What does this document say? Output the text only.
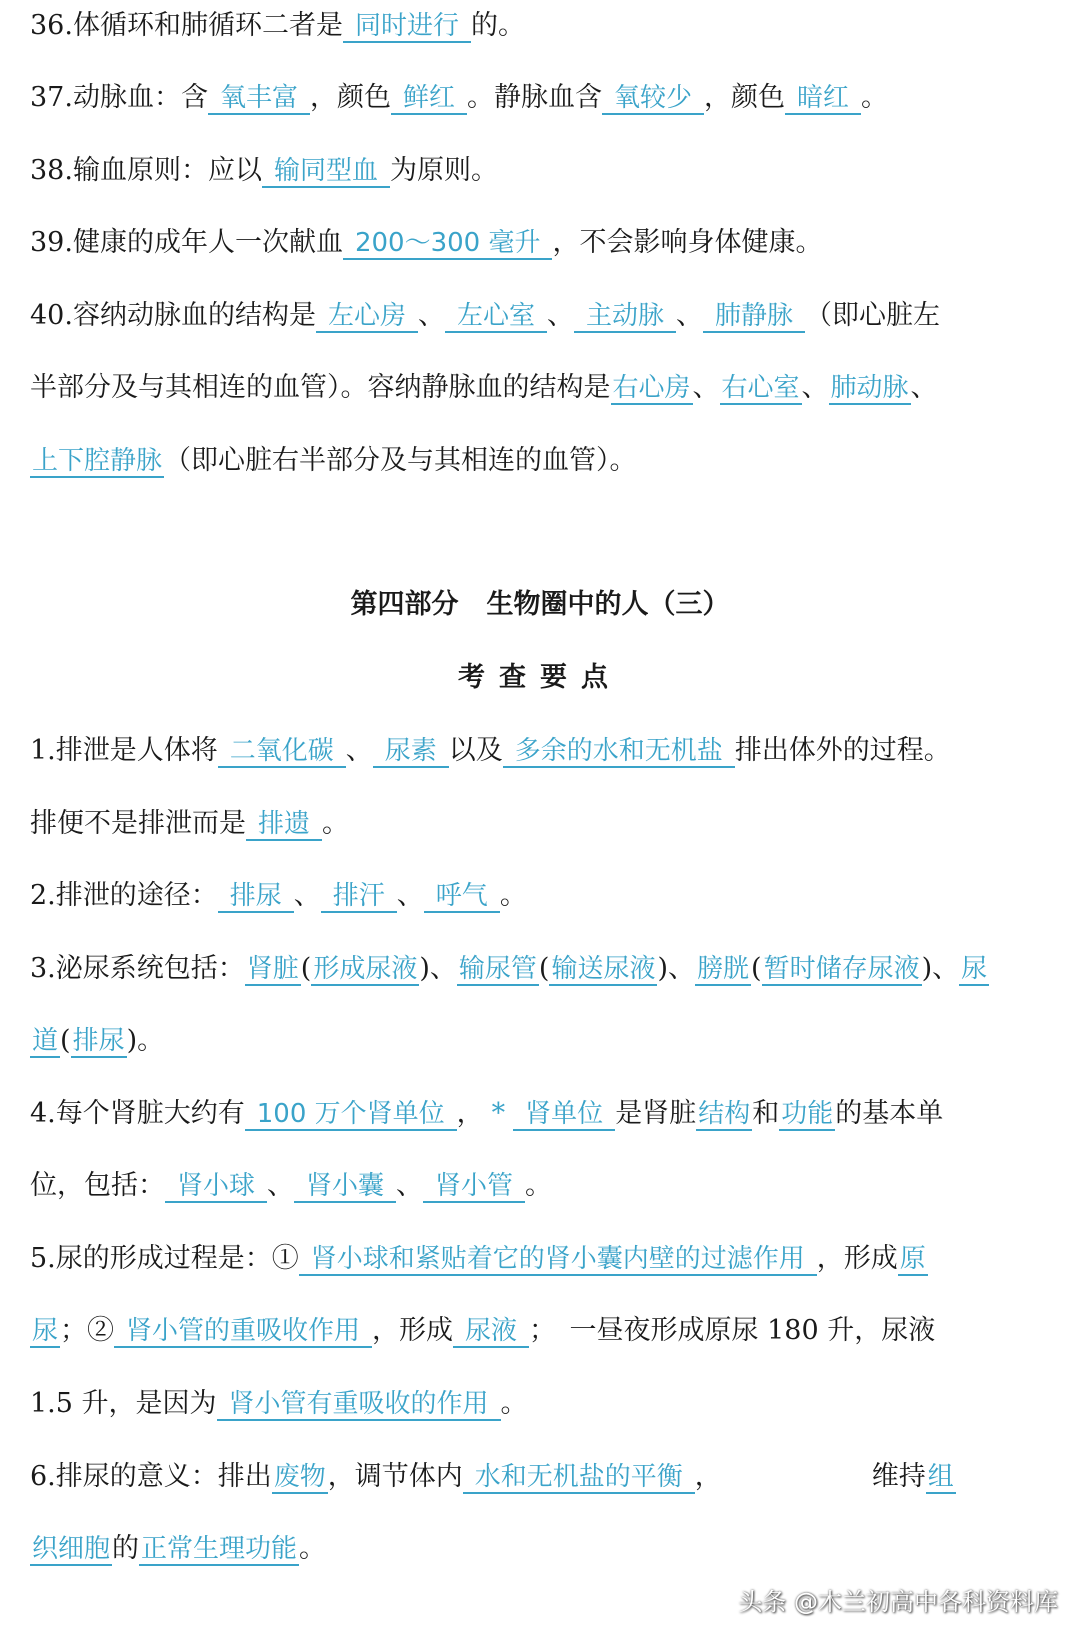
36.体循环和肺循环二者是 同时进行 的。
37.动脉血：含 氧丰富 ，颜色 鲜红 。静脉血含 氧较少 ，颜色 暗红 。
38.输血原则：应以 输同型血 为原则。
39.健康的成年人一次献血 200～300 毫升 ，不会影响身体健康。
40.容纳动脉血的结构是 左心房 、 左心室 、 主动脉 、 肺静脉 （即心脏左
半部分及与其相连的血管）。容纳静脉血的结构是右心房、右心室、肺动脉、
上下腔静脉（即心脏右半部分及与其相连的血管）。
第四部分 生物圈中的人（三）
考查要点
1.排泄是人体将 二氧化碳 、 尿素 以及 多余的水和无机盐 排出体外的过程。
排便不是排泄而是 排遗 。
2.排泄的途径： 排尿 、 排汗 、 呼气 。
3.泌尿系统包括：肾脏(形成尿液)、输尿管(输送尿液)、膀胱(暂时储存尿液)、尿
道(排尿)。
4.每个肾脏大约有 100 万个肾单位 ， * 肾单位 是肾脏结构和功能的基本单
位，包括： 肾小球 、 肾小囊 、 肾小管 。
5.尿的形成过程是：① 肾小球和紧贴着它的肾小囊内壁的过滤作用 ，形成原
尿；② 肾小管的重吸收作用 ，形成 尿液 ；　一昼夜形成原尿 180 升，尿液
1.5 升，是因为 肾小管有重吸收的作用 。
6.排尿的意义：排出废物，调节体内 水和无机盐的平衡 ，	维持组
织细胞的正常生理功能。
头条 @木兰初高中各科资料库
